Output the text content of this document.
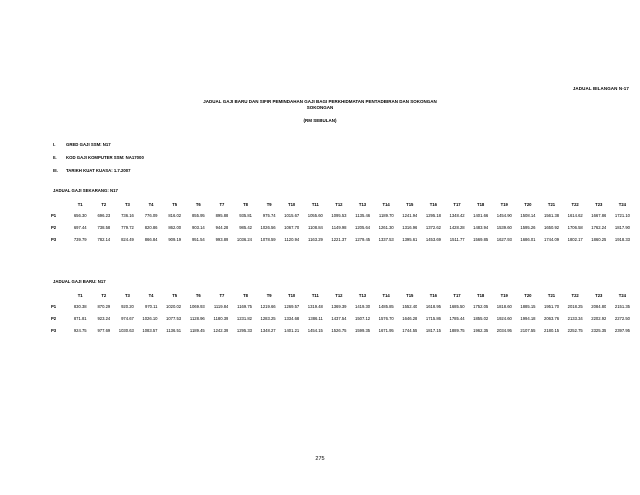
JADUAL BILANGAN N-17
JADUAL GAJI BARU DAN SIFIR PEMINDAHAN GAJI BAGI PERKHIDMATAN PENTADBIRAN DAN SOKONGAN
SOKONGAN
(RM SEBULAN)
I. GRED GAJI SSM: N17
II. KOD GAJI KOMPUTER SSM: NA17000
III. TARIKH KUAT KUASA: 1.7.2007
JADUAL GAJI SEKARANG: N17
	T1	T2	T3	T4	T5	T6	T7	T8	T9	T10	T11	T12	T13	T14	T15	T16	T17	T18	T19	T20	T21	T22	T23	T24
P1	656.30	696.23	736.16	776.09	816.02	855.95	895.88	935.81	975.74	1015.67	1055.60	1095.53	1135.46	1189.70	1241.94	1295.18	1348.42	1401.66	1454.90	1508.14	1561.38	1614.62	1667.86	1721.10
P2	697.44	738.58	779.72	820.86	862.00	903.14	944.28	985.42	1026.56	1067.70	1108.84	1149.98	1205.64	1261.30	1316.96	1372.62	1428.28	1483.94	1539.60	1595.26	1650.92	1706.58	1762.24	1817.90
P3	739.79	782.14	824.49	866.84	909.19	951.54	993.89	1036.24	1078.59	1120.94	1163.29	1221.37	1279.45	1337.53	1395.61	1453.69	1511.77	1569.85	1627.93	1686.01	1744.09	1802.17	1860.25	1918.33
JADUAL GAJI BARU: N17
	T1	T2	T3	T4	T5	T6	T7	T8	T9	T10	T11	T12	T13	T14	T15	T16	T17	T18	T19	T20	T21	T22	T23	T24
P1	830.38	870.29	920.20	970.11	1020.02	1069.93	1119.84	1169.75	1219.66	1269.57	1319.48	1369.39	1419.30	1485.85	1552.40	1618.95	1685.50	1752.05	1818.60	1885.15	1951.70	2018.25	2084.80	2151.35
P2	871.81	923.24	974.67	1026.10	1077.53	1128.96	1180.39	1231.82	1283.25	1334.68	1386.11	1437.54	1507.12	1576.70	1646.28	1715.86	1785.44	1855.02	1924.60	1994.18	2063.76	2133.34	2202.92	2272.50
P3	924.75	977.69	1030.63	1083.57	1136.51	1189.45	1242.39	1295.33	1348.27	1401.21	1454.15	1526.75	1599.35	1671.95	1744.55	1817.15	1889.75	1962.35	2034.95	2107.55	2180.15	2252.75	2325.35	2397.95
275
